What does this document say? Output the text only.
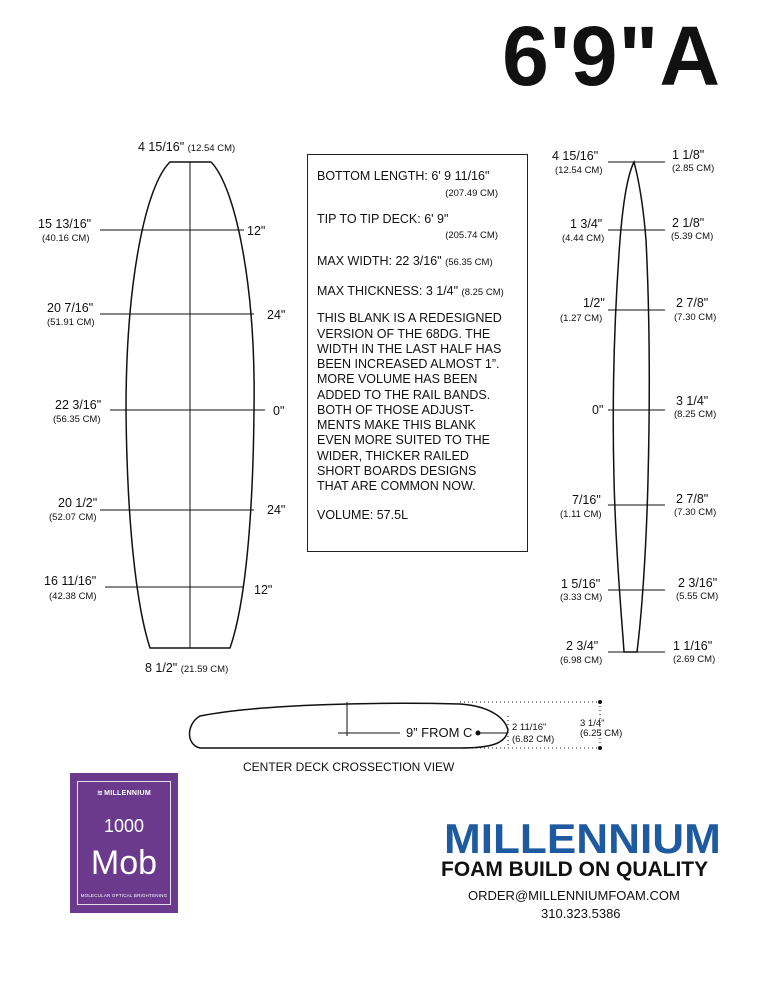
6'9"A
4 15/16" (12.54 CM)
8 1/2" (21.59 CM)
15 13/16"
(40.16 CM)
12"
20 7/16"
(51.91 CM)
24"
22 3/16"
(56.35 CM)
0"
20 1/2"
(52.07 CM)
24"
16 11/16"
(42.38 CM)	12"
BOTTOM LENGTH: 6' 9 11/16"
(207.49 CM)
TIP TO TIP DECK: 6' 9"
(205.74 CM)
MAX WIDTH: 22 3/16" (56.35 CM)
MAX THICKNESS: 3 1/4" (8.25 CM)
THIS BLANK IS A REDESIGNED
VERSION OF THE 68DG. THE
WIDTH IN THE LAST HALF HAS
BEEN INCREASED ALMOST 1”.
MORE VOLUME HAS BEEN
ADDED TO THE RAIL BANDS.
BOTH OF THOSE ADJUST-
MENTS MAKE THIS BLANK
EVEN MORE SUITED TO THE
WIDER, THICKER RAILED
SHORT BOARDS DESIGNS
THAT ARE COMMON NOW.
VOLUME: 57.5L
4 15/16"
(12.54 CM)
1 3/4"
(4.44 CM)
1/2"
(1.27 CM)
0"
7/16"
(1.11 CM)
1 5/16"
(3.33 CM)
2 3/4"
(6.98 CM)
1 1/8"
(2.85 CM)
2 1/8"
(5.39 CM)
2 7/8"
(7.30 CM)
3 1/4"
(8.25 CM)
2 7/8"
(7.30 CM)
2 3/16"
(5.55 CM)
1 1/16"
(2.69 CM)
9” FROM C	2 11/16"
(6.82 CM)
3 1/4"
(6.25 CM)
CENTER DECK CROSSECTION VIEW
≋ MILLENNIUM
1000
Mob
MOLECULAR OPTICAL BRIGHTENING
MILLENNIUM
FOAM BUILD ON QUALITY
ORDER@MILLENNIUMFOAM.COM
310.323.5386
